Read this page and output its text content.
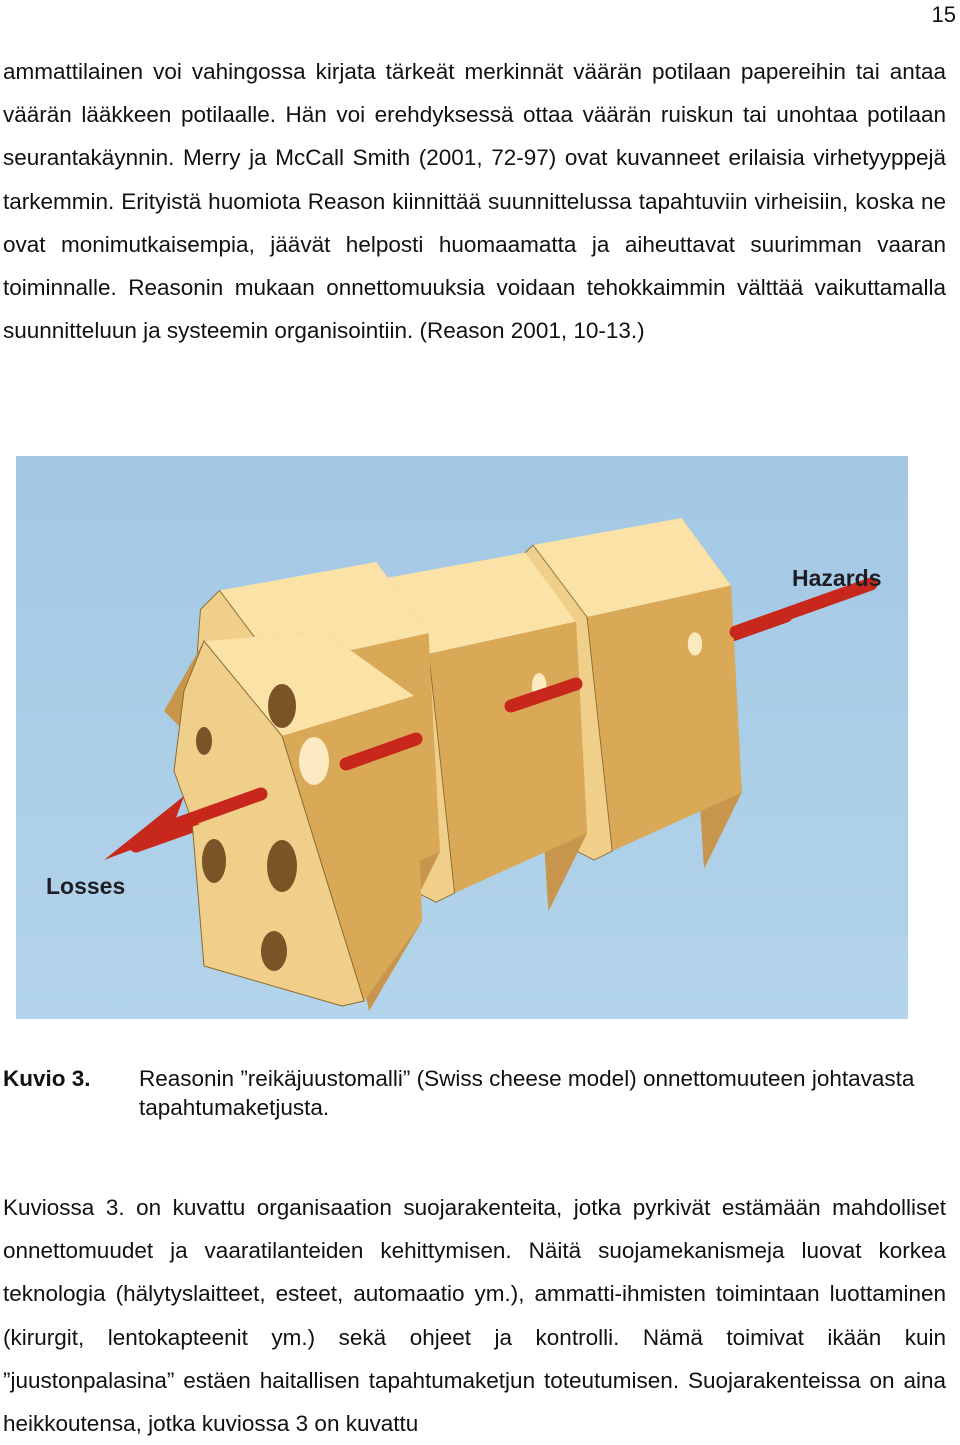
15

ammattilainen voi vahingossa kirjata tärkeät merkinnät väärän potilaan papereihin tai antaa väärän lääkkeen potilaalle. Hän voi erehdyksessä ottaa väärän ruiskun tai unohtaa potilaan seurantakäynnin. Merry ja McCall Smith (2001, 72-97) ovat kuvanneet erilaisia virhetyyppejä tarkemmin. Erityistä huomiota Reason kiinnittää suunnittelussa tapahtuviin virheisiin, koska ne ovat monimutkaisempia, jäävät helposti huomaamatta ja aiheuttavat suurimman vaaran toiminnalle. Reasonin mukaan onnettomuuksia voidaan tehokkaimmin välttää vaikuttamalla suunnitteluun ja systeemin organisointiin. (Reason 2001, 10-13.)

Hazards
Losses
Kuvio 3. Reasonin ”reikäjuustomalli” (Swiss cheese model) onnettomuuteen johtavasta tapahtumaketjusta.

Kuviossa 3. on kuvattu organisaation suojarakenteita, jotka pyrkivät estämään mahdolliset onnettomuudet ja vaaratilanteiden kehittymisen. Näitä suojamekanismeja luovat korkea teknologia (hälytyslaitteet, esteet, automaatio ym.), ammatti-ihmisten toimintaan luottaminen (kirurgit, lentokapteenit ym.) sekä ohjeet ja kontrolli. Nämä toimivat ikään kuin ”juustonpalasina” estäen haitallisen tapahtumaketjun toteutumisen. Suojarakenteissa on aina heikkoutensa, jotka kuviossa 3 on kuvattu
